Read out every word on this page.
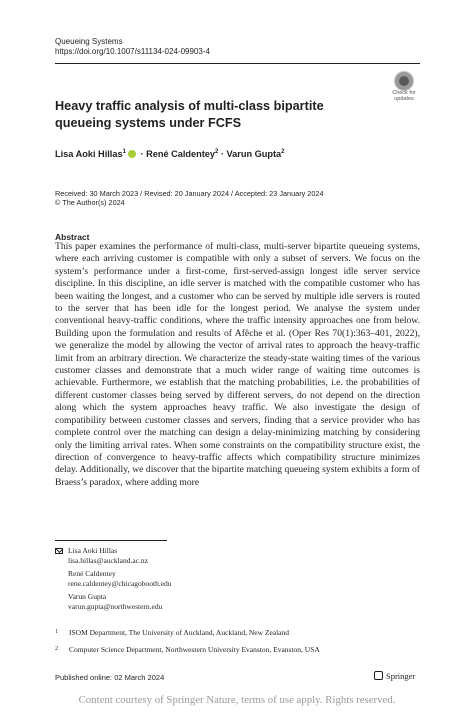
Queueing Systems
https://doi.org/10.1007/s11134-024-09903-4
Check for
updates
Heavy traffic analysis of multi-class bipartite queueing systems under FCFS
Lisa Aoki Hillas$^1$ · René Caldentey$^2$ · Varun Gupta$^2$
Received: 30 March 2023 / Revised: 20 January 2024 / Accepted: 23 January 2024
© The Author(s) 2024
Abstract
This paper examines the performance of multi-class, multi-server bipartite queueing systems, where each arriving customer is compatible with only a subset of servers. We focus on the system’s performance under a first-come, first-served-assign longest idle server service discipline. In this discipline, an idle server is matched with the compatible customer who has been waiting the longest, and a customer who can be served by multiple idle servers is routed to the server that has been idle for the longest period. We analyse the system under conventional heavy-traffic conditions, where the traffic intensity approaches one from below. Building upon the formulation and results of Afêche et al. (Oper Res 70(1):363–401, 2022), we generalize the model by allowing the vector of arrival rates to approach the heavy-traffic limit from an arbitrary direction. We characterize the steady-state waiting times of the various customer classes and demonstrate that a much wider range of waiting time outcomes is achievable. Furthermore, we establish that the matching probabilities, i.e. the probabilities of different customer classes being served by different servers, do not depend on the direction along which the system approaches heavy traffic. We also investigate the design of compatibility between customer classes and servers, finding that a service provider who has complete control over the matching can design a delay-minimizing matching by considering only the limiting arrival rates. When some constraints on the compatibility structure exist, the direction of convergence to heavy-traffic affects which compatibility structure minimizes delay. Additionally, we discover that the bipartite matching queueing system exhibits a form of Braess’s paradox, where adding more
Lisa Aoki Hillas
lisa.hillas@auckland.ac.nz
René Caldentey
rene.caldentey@chicagobooth.edu
Varun Gupta
varun.gupta@northwestern.edu
1 ISOM Department, The University of Auckland, Auckland, New Zealand
2 Computer Science Department, Northwestern University Evanston, Evanston, USA
Published online: 02 March 2024	Springer
Content courtesy of Springer Nature, terms of use apply. Rights reserved.
